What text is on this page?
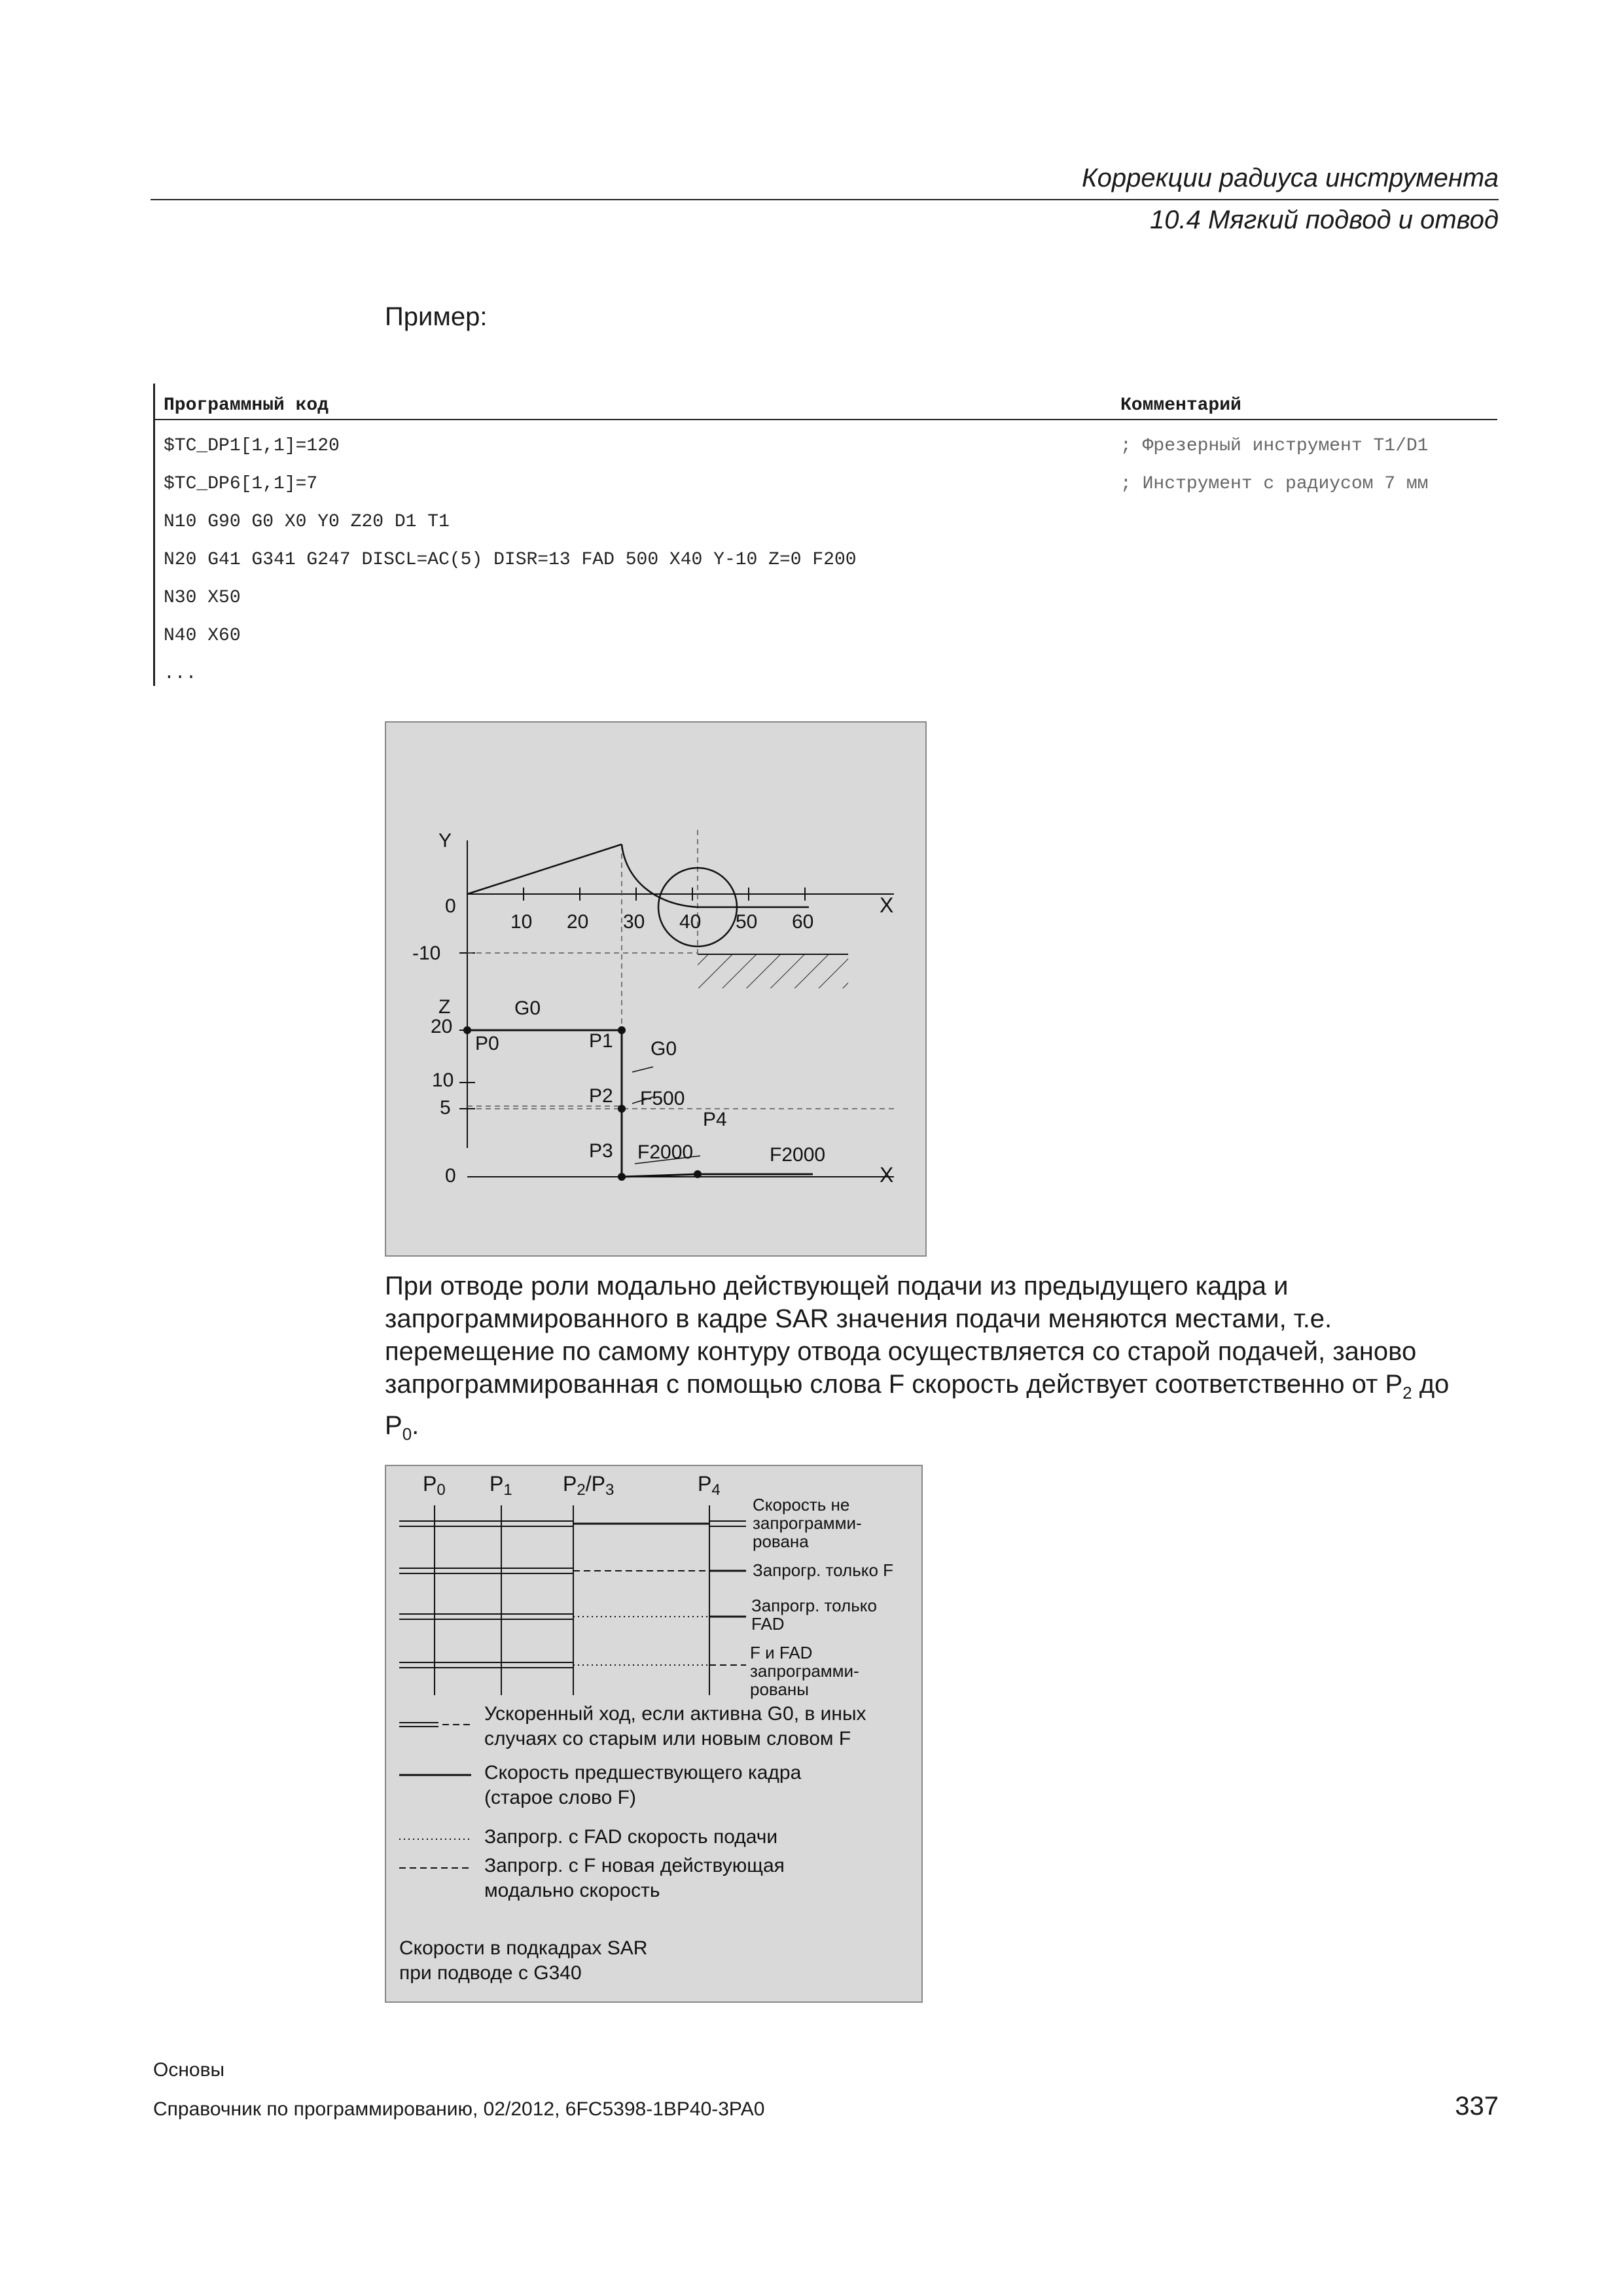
Коррекции радиуса инструмента
10.4 Мягкий подвод и отвод
Пример:
Программный код	Комментарий
$TC_DP1[1,1]=120	; Фрезерный инструмент T1/D1
$TC_DP6[1,1]=7	; Инструмент с радиусом 7 мм
N10 G90 G0 X0 Y0 Z20 D1 T1
N20 G41 G341 G247 DISCL=AC(5) DISR=13 FAD 500 X40 Y-10 Z=0 F200
N30 X50
N40 X60
...
Y
X
0
10 20 30 40 50 60
-10
Z
20
10
5
0	X
G0
P0	P1 G0
P2 F500
P4
P3 F2000	F2000
При отводе роли модально действующей подачи из предыдущего кадра и
запрограммированного в кадре SAR значения подачи меняются местами, т.е.
перемещение по самому контуру отвода осуществляется со старой подачей, заново
запрограммированная с помощью слова F скорость действует соответственно от $P_2$ до
$P_0$.
P0 P1 P2/P3	P4
Скорость не
запрограмми-
рована
Запрогр. только F
Запрогр. только
FAD
F и FAD
запрограмми-
рованы
Ускоренный ход, если активна G0, в иных
случаях со старым или новым словом F
Скорость предшествующего кадра
(старое слово F)
Запрогр. с FAD скорость подачи
Запрогр. с F новая действующая
модально скорость
Скорости в подкадрах SAR
при подводе с G340
Основы
Справочник по программированию, 02/2012, 6FC5398-1BP40-3PA0	337
